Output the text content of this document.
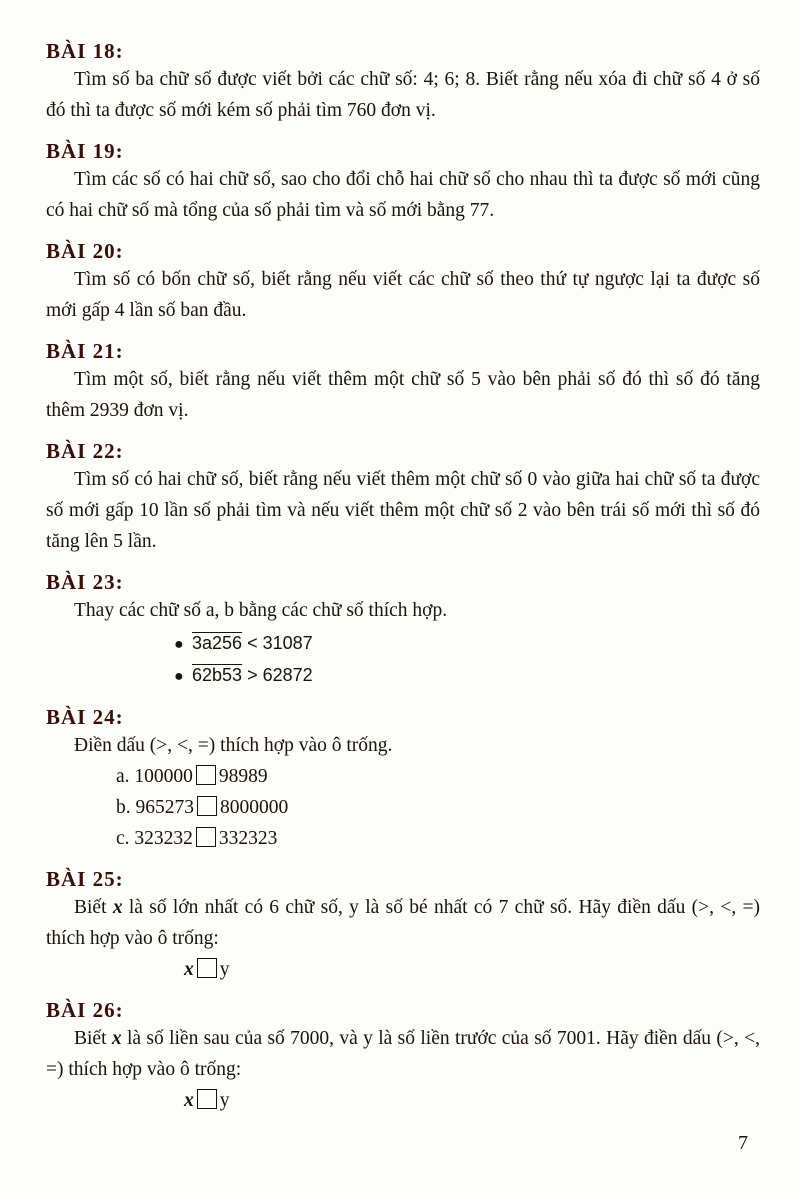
BÀI 18:

Tìm số ba chữ số được viết bởi các chữ số: 4; 6; 8. Biết rằng nếu xóa đi chữ số 4 ở số đó thì ta được số mới kém số phải tìm 760 đơn vị.

BÀI 19:

Tìm các số có hai chữ số, sao cho đổi chỗ hai chữ số cho nhau thì ta được số mới cũng có hai chữ số mà tổng của số phải tìm và số mới bằng 77.

BÀI 20:

Tìm số có bốn chữ số, biết rằng nếu viết các chữ số theo thứ tự ngược lại ta được số mới gấp 4 lần số ban đầu.

BÀI 21:

Tìm một số, biết rằng nếu viết thêm một chữ số 5 vào bên phải số đó thì số đó tăng thêm 2939 đơn vị.

BÀI 22:

Tìm số có hai chữ số, biết rằng nếu viết thêm một chữ số 0 vào giữa hai chữ số ta được số mới gấp 10 lần số phải tìm và nếu viết thêm một chữ số 2 vào bên trái số mới thì số đó tăng lên 5 lần.

BÀI 23:

Thay các chữ số a, b bằng các chữ số thích hợp.

● 3a256 < 31087
● 62b53 > 62872

BÀI 24:

Điền dấu (>, <, =) thích hợp vào ô trống.

a. 100000 98989
b. 965273 8000000
c. 323232 332323

BÀI 25:

Biết x là số lớn nhất có 6 chữ số, y là số bé nhất có 7 chữ số. Hãy điền dấu (>, <, =) thích hợp vào ô trống:

x y

BÀI 26:

Biết x là số liền sau của số 7000, và y là số liền trước của số 7001. Hãy điền dấu (>, <, =) thích hợp vào ô trống:

x y
7
